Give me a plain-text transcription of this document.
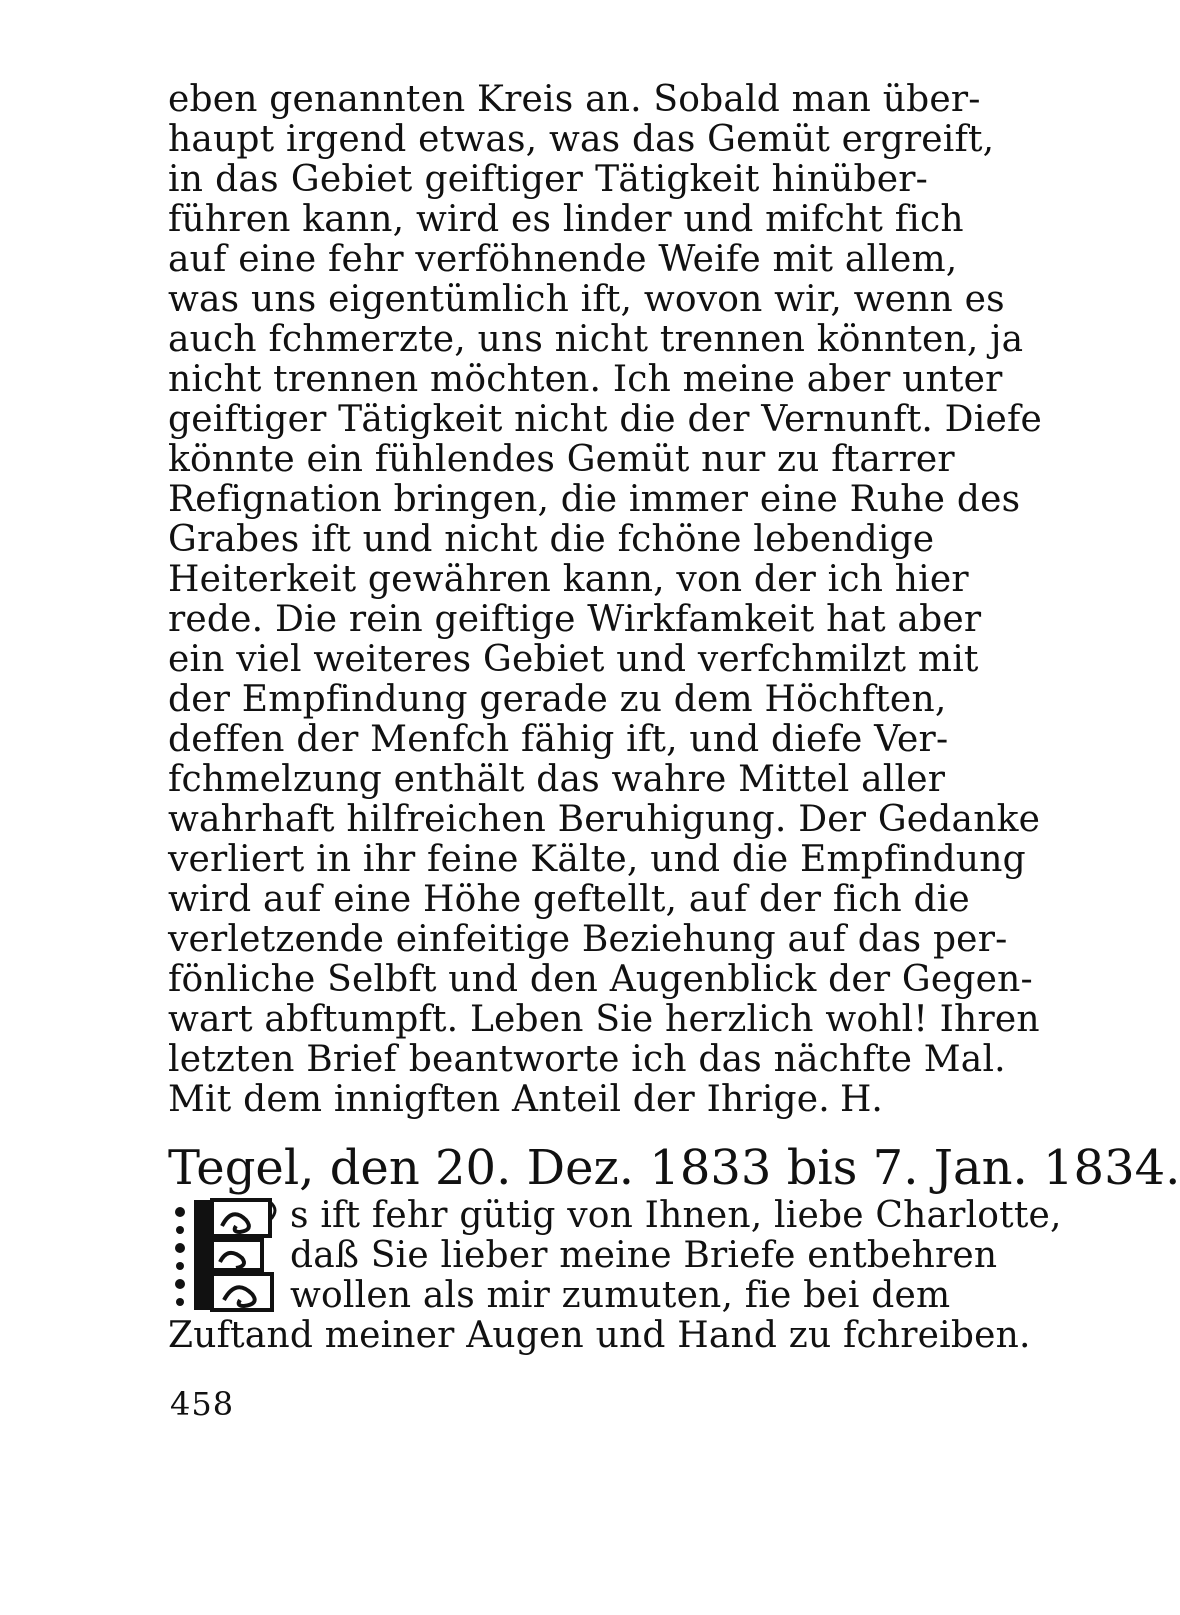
eben genannten Kreis an. Sobald man über-
haupt irgend etwas, was das Gemüt ergreift,
in das Gebiet geiftiger Tätigkeit hinüber-
führen kann, wird es linder und mifcht fich
auf eine fehr verföhnende Weife mit allem,
was uns eigentümlich ift, wovon wir, wenn es
auch fchmerzte, uns nicht trennen könnten, ja
nicht trennen möchten. Ich meine aber unter
geiftiger Tätigkeit nicht die der Vernunft. Diefe
könnte ein fühlendes Gemüt nur zu ftarrer
Refignation bringen, die immer eine Ruhe des
Grabes ift und nicht die fchöne lebendige
Heiterkeit gewähren kann, von der ich hier
rede. Die rein geiftige Wirkfamkeit hat aber
ein viel weiteres Gebiet und verfchmilzt mit
der Empfindung gerade zu dem Höchften,
deffen der Menfch fähig ift, und diefe Ver-
fchmelzung enthält das wahre Mittel aller
wahrhaft hilfreichen Beruhigung. Der Gedanke
verliert in ihr feine Kälte, und die Empfindung
wird auf eine Höhe geftellt, auf der fich die
verletzende einfeitige Beziehung auf das per-
fönliche Selbft und den Augenblick der Gegen-
wart abftumpft. Leben Sie herzlich wohl! Ihren
letzten Brief beantworte ich das nächfte Mal.
Mit dem innigften Anteil der Ihrige. H.
Tegel, den 20. Dez. 1833 bis 7. Jan. 1834.
s ift fehr gütig von Ihnen, liebe Charlotte,
daß Sie lieber meine Briefe entbehren
wollen als mir zumuten, fie bei dem
Zuftand meiner Augen und Hand zu fchreiben.
458
